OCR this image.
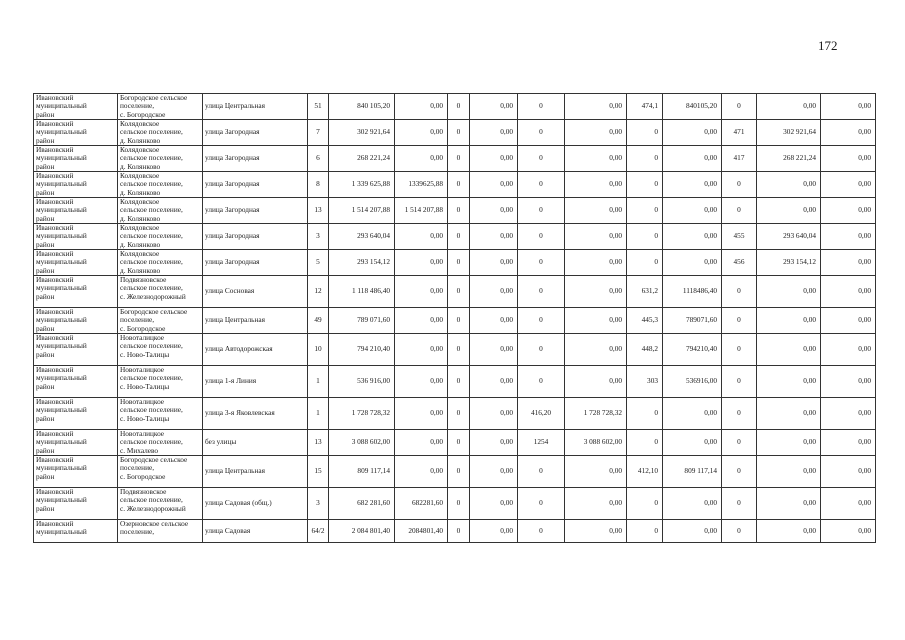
172
Ивановский
муниципальный
район	Богородское сельское
поселение,
с. Богородское	улица Центральная	51	840 105,20	0,00	0	0,00	0	0,00	474,1	840105,20	0	0,00	0,00

Ивановский
муниципальный
район	Колядовское
сельское поселение,
д. Колянково	улица Загородная	7	302 921,64	0,00	0	0,00	0	0,00	0	0,00	471	302 921,64	0,00

Ивановский
муниципальный
район	Колядовское
сельское поселение,
д. Колянково	улица Загородная	6	268 221,24	0,00	0	0,00	0	0,00	0	0,00	417	268 221,24	0,00

Ивановский
муниципальный
район	Колядовское
сельское поселение,
д. Колянково	улица Загородная	8	1 339 625,88	1339625,88	0	0,00	0	0,00	0	0,00	0	0,00	0,00

Ивановский
муниципальный
район	Колядовское
сельское поселение,
д. Колянково	улица Загородная	13	1 514 207,88	1 514 207,88	0	0,00	0	0,00	0	0,00	0	0,00	0,00

Ивановский
муниципальный
район	Колядовское
сельское поселение,
д. Колянково	улица Загородная	3	293 640,04	0,00	0	0,00	0	0,00	0	0,00	455	293 640,04	0,00

Ивановский
муниципальный
район	Колядовское
сельское поселение,
д. Колянково	улица Загородная	5	293 154,12	0,00	0	0,00	0	0,00	0	0,00	456	293 154,12	0,00

Ивановский
муниципальный
район	Подвязновское
сельское поселение,
с. Железнодорожный	улица Сосновая	12	1 118 486,40	0,00	0	0,00	0	0,00	631,2	1118486,40	0	0,00	0,00

Ивановский
муниципальный
район	Богородское сельское
поселение,
с. Богородское	улица Центральная	49	789 071,60	0,00	0	0,00	0	0,00	445,3	789071,60	0	0,00	0,00

Ивановский
муниципальный
район	Новоталицкое
сельское поселение,
с. Ново-Талицы	улица Автодорожская	10	794 210,40	0,00	0	0,00	0	0,00	448,2	794210,40	0	0,00	0,00

Ивановский
муниципальный
район	Новоталицкое
сельское поселение,
с. Ново-Талицы	улица 1-я Линия	1	536 916,00	0,00	0	0,00	0	0,00	303	536916,00	0	0,00	0,00

Ивановский
муниципальный
район	Новоталицкое
сельское поселение,
с. Ново-Талицы	улица 3-я Яковлевская	1	1 728 728,32	0,00	0	0,00	416,20	1 728 728,32	0	0,00	0	0,00	0,00

Ивановский
муниципальный
район	Новоталицкое
сельское поселение,
с. Михалево	без улицы	13	3 088 602,00	0,00	0	0,00	1254	3 088 602,00	0	0,00	0	0,00	0,00

Ивановский
муниципальный
район	Богородское сельское
поселение,
с. Богородское	улица Центральная	15	809 117,14	0,00	0	0,00	0	0,00	412,10	809 117,14	0	0,00	0,00

Ивановский
муниципальный
район	Подвязновское
сельское поселение,
с. Железнодорожный	улица Садовая (общ.)	3	682 281,60	682281,60	0	0,00	0	0,00	0	0,00	0	0,00	0,00

Ивановский
муниципальный	Озерновское сельское
поселение,	улица Садовая	64/2	2 084 801,40	2084801,40	0	0,00	0	0,00	0	0,00	0	0,00	0,00
